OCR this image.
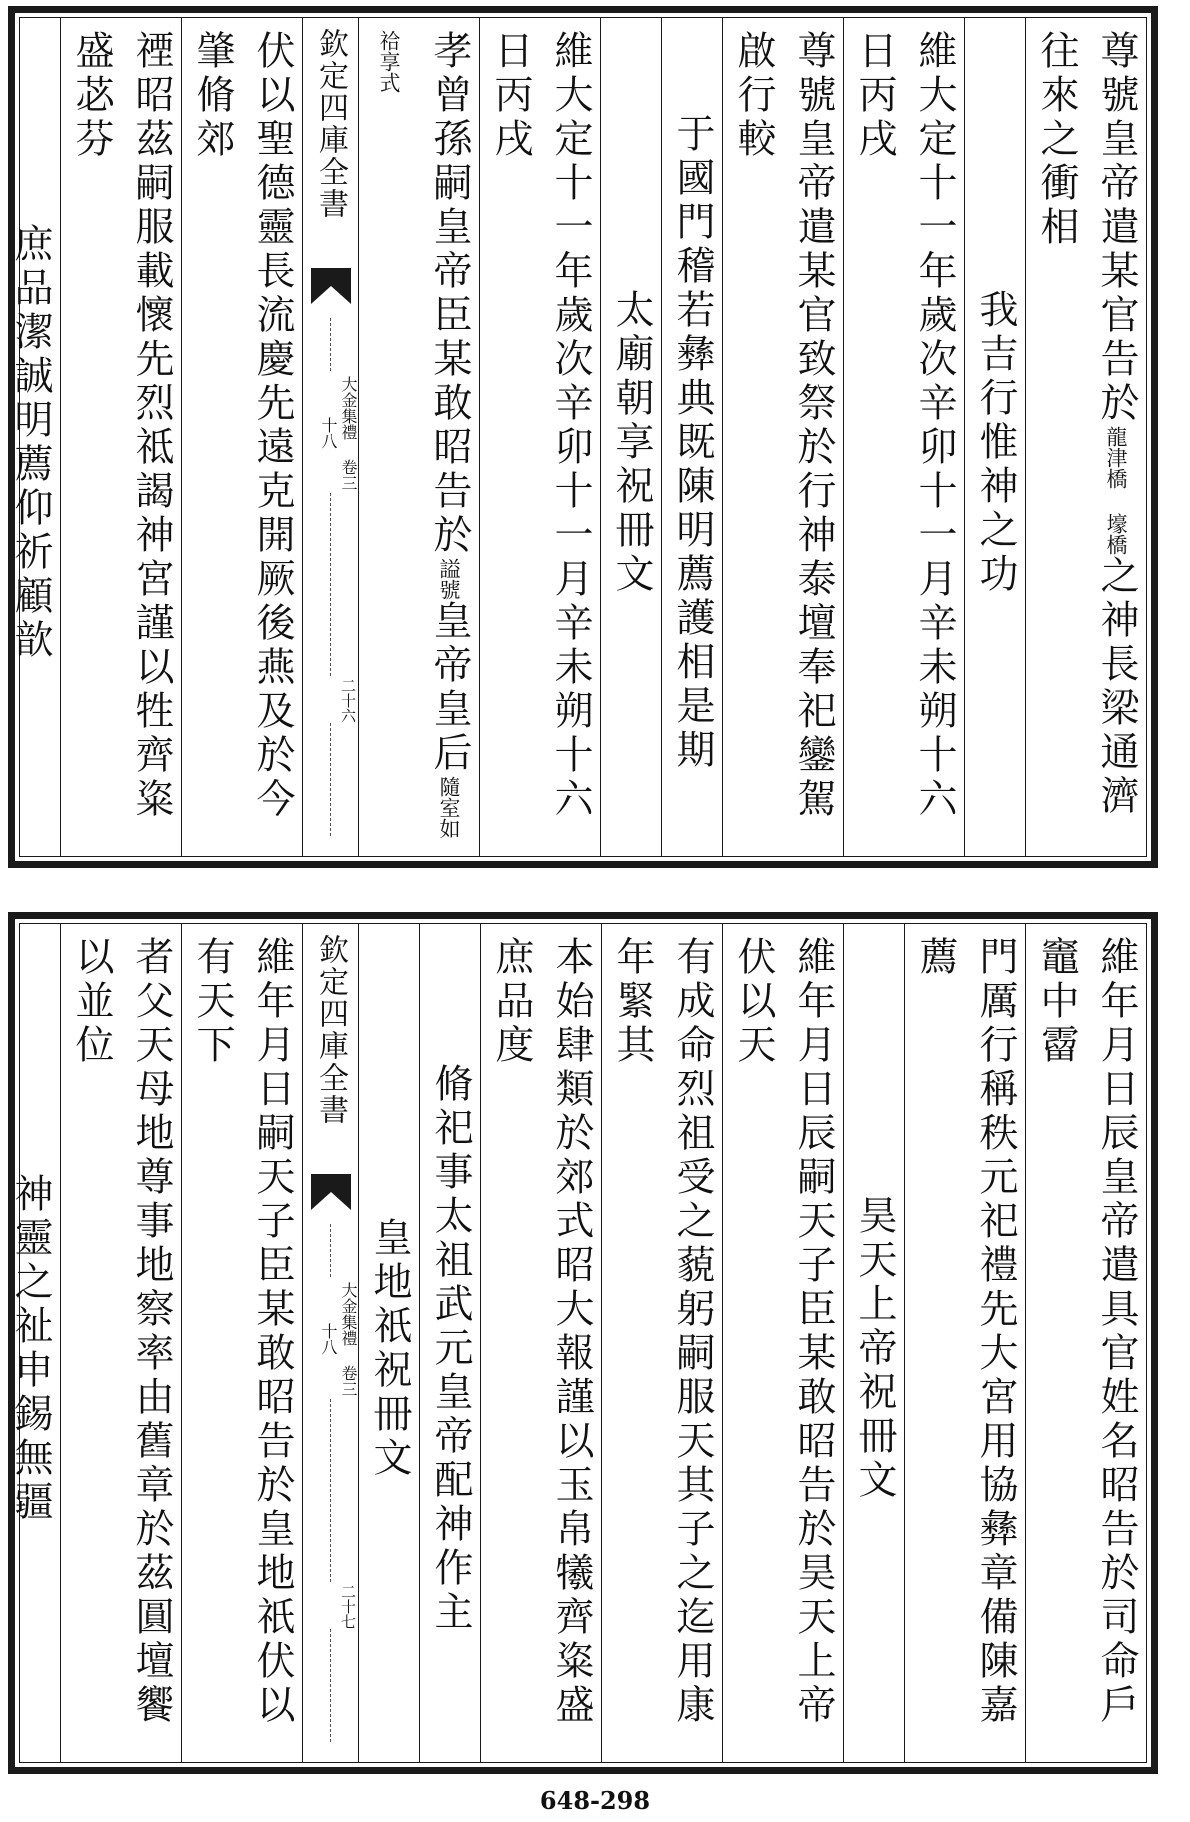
尊號皇帝遣某官告於龍津橋 壕橋之神長梁通濟往來之衝相
我吉行惟神之功
維大定十一年歲次辛卯十一月辛未朔十六日丙戌
尊號皇帝遣某官致祭於行神泰壇奉祀鑾駕啟行較
于國門稽若彝典既陳明薦護相是期
太廟朝享祝冊文
維大定十一年歲次辛卯十一月辛未朔十六日丙戌
孝曾孫嗣皇帝臣某敢昭告於謚號皇帝皇后隨室如 祫享式
欽定四庫全書
大金集禮 卷三十八
二十六
伏以聖德靈長流慶先遠克開厥後燕及於今肇脩郊
禋昭茲嗣服載懷先烈祗謁神宮謹以牲齊粢盛苾芬
庶品潔誠明薦仰祈顧歆
維年月日辰皇帝遣具官姓名昭告於司命戶竈中霤
門厲行稱秩元祀禮先大宮用協彝章備陳嘉薦
昊天上帝祝冊文
維年月日辰嗣天子臣某敢昭告於昊天上帝伏以天
有成命烈祖受之藐躬嗣服天其子之迄用康年緊其
本始肆類於郊式昭大報謹以玉帛犧齊粢盛庶品度
脩祀事太祖武元皇帝配神作主
皇地祇祝冊文
欽定四庫全書
大金集禮 卷三十八
二十七
維年月日嗣天子臣某敢昭告於皇地祇伏以有天下
者父天母地尊事地察率由舊章於茲圓壇饗以並位
神靈之祉申錫無疆
648-298
